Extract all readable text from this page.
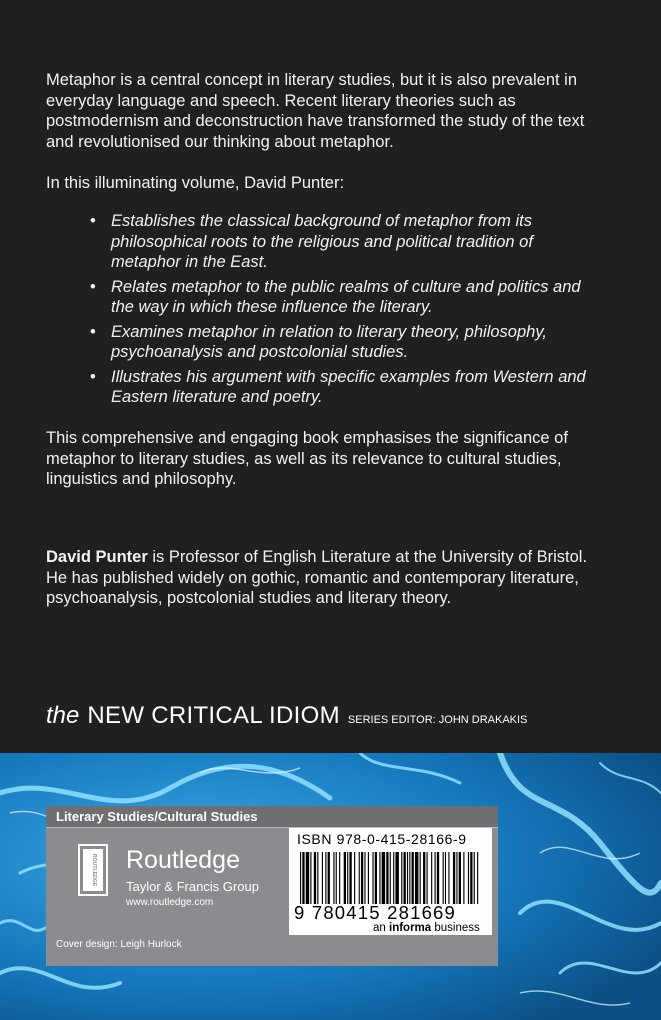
Metaphor is a central concept in literary studies, but it is also prevalent in everyday language and speech. Recent literary theories such as postmodernism and deconstruction have transformed the study of the text and revolutionised our thinking about metaphor.

In this illuminating volume, David Punter:

• Establishes the classical background of metaphor from its philosophical roots to the religious and political tradition of metaphor in the East.
• Relates metaphor to the public realms of culture and politics and the way in which these influence the literary.
• Examines metaphor in relation to literary theory, philosophy, psychoanalysis and postcolonial studies.
• Illustrates his argument with specific examples from Western and Eastern literature and poetry.

This comprehensive and engaging book emphasises the significance of metaphor to literary studies, as well as its relevance to cultural studies, linguistics and philosophy.

David Punter is Professor of English Literature at the University of Bristol. He has published widely on gothic, romantic and contemporary literature, psychoanalysis, postcolonial studies and literary theory.

the NEW CRITICAL IDIOM SERIES EDITOR: JOHN DRAKAKIS
Literary Studies/Cultural Studies
ROUTLEDGE Routledge
Taylor & Francis Group
www.routledge.com
Cover design: Leigh Hurlock
ISBN 978-0-415-28166-9
9 780415 281669
an informa business
